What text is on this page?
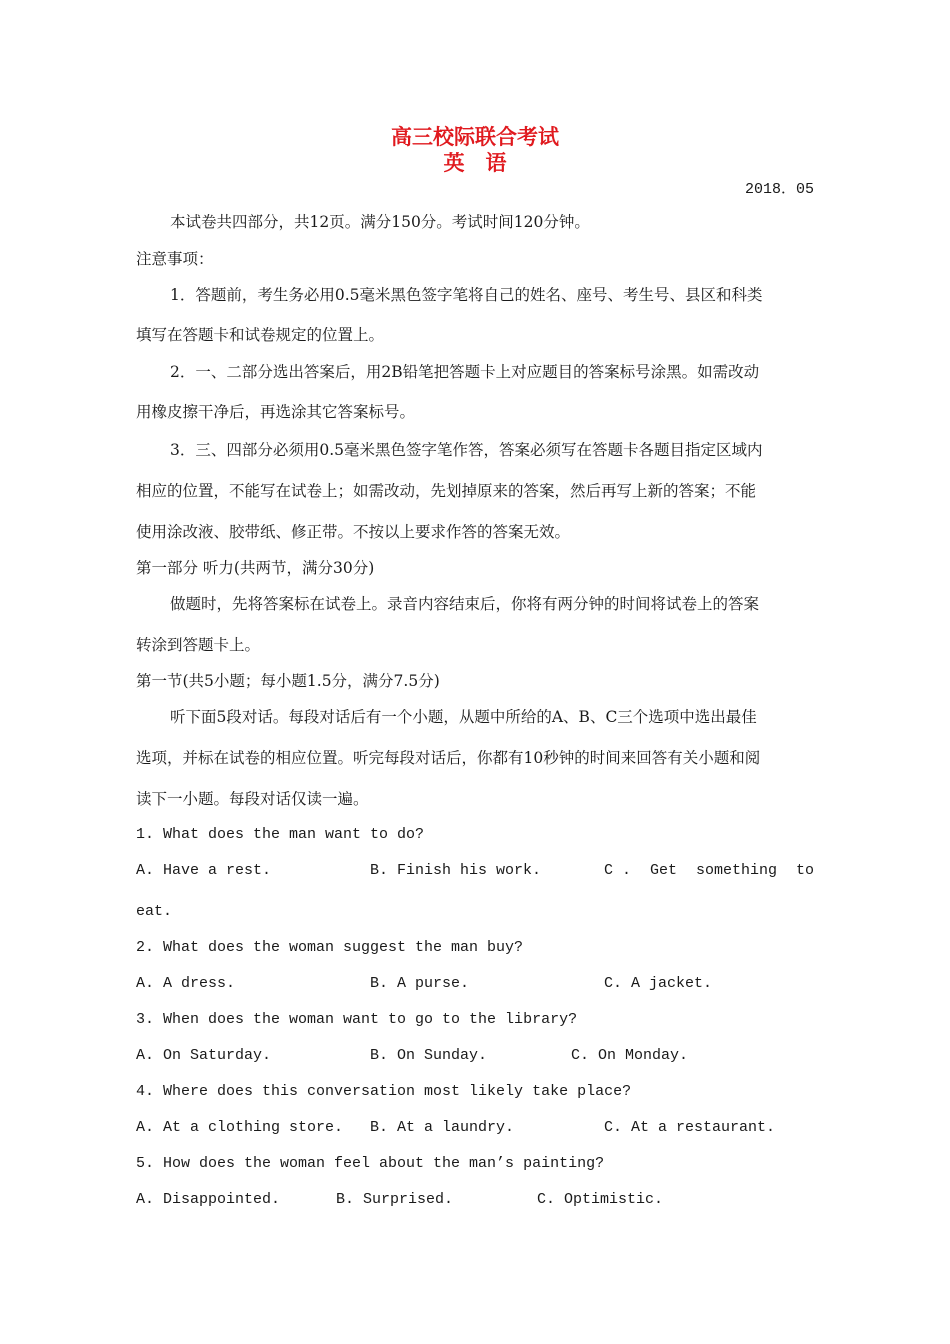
高三校际联合考试
英　语
2018．05
本试卷共四部分，共12页。满分150分。考试时间120分钟。
注意事项：
1．答题前，考生务必用0.5毫米黑色签字笔将自己的姓名、座号、考生号、县区和科类
填写在答题卡和试卷规定的位置上。
2．一、二部分选出答案后，用2B铅笔把答题卡上对应题目的答案标号涂黑。如需改动
用橡皮擦干净后，再选涂其它答案标号。
3．三、四部分必须用0.5毫米黑色签字笔作答，答案必须写在答题卡各题目指定区域内
相应的位置，不能写在试卷上；如需改动，先划掉原来的答案，然后再写上新的答案；不能
使用涂改液、胶带纸、修正带。不按以上要求作答的答案无效。
第一部分 听力(共两节，满分30分)
做题时，先将答案标在试卷上。录音内容结束后，你将有两分钟的时间将试卷上的答案
转涂到答题卡上。
第一节(共5小题；每小题1.5分，满分7.5分)
听下面5段对话。每段对话后有一个小题，从题中所给的A、B、C三个选项中选出最佳
选项，并标在试卷的相应位置。听完每段对话后，你都有10秒钟的时间来回答有关小题和阅
读下一小题。每段对话仅读一遍。
1. What does the man want to do?
A. Have a rest.	B. Finish his work.	C . Get something to
eat.
2. What does the woman suggest the man buy?
A. A dress.	B. A purse.	C. A jacket.
3. When does the woman want to go to the library?
A. On Saturday.	B. On Sunday.	C. On Monday.
4. Where does this conversation most likely take place?
A. At a clothing store. B. At a laundry.	C. At a restaurant.
5. How does the woman feel about the man’s painting?
A. Disappointed.	B. Surprised.	C. Optimistic.
